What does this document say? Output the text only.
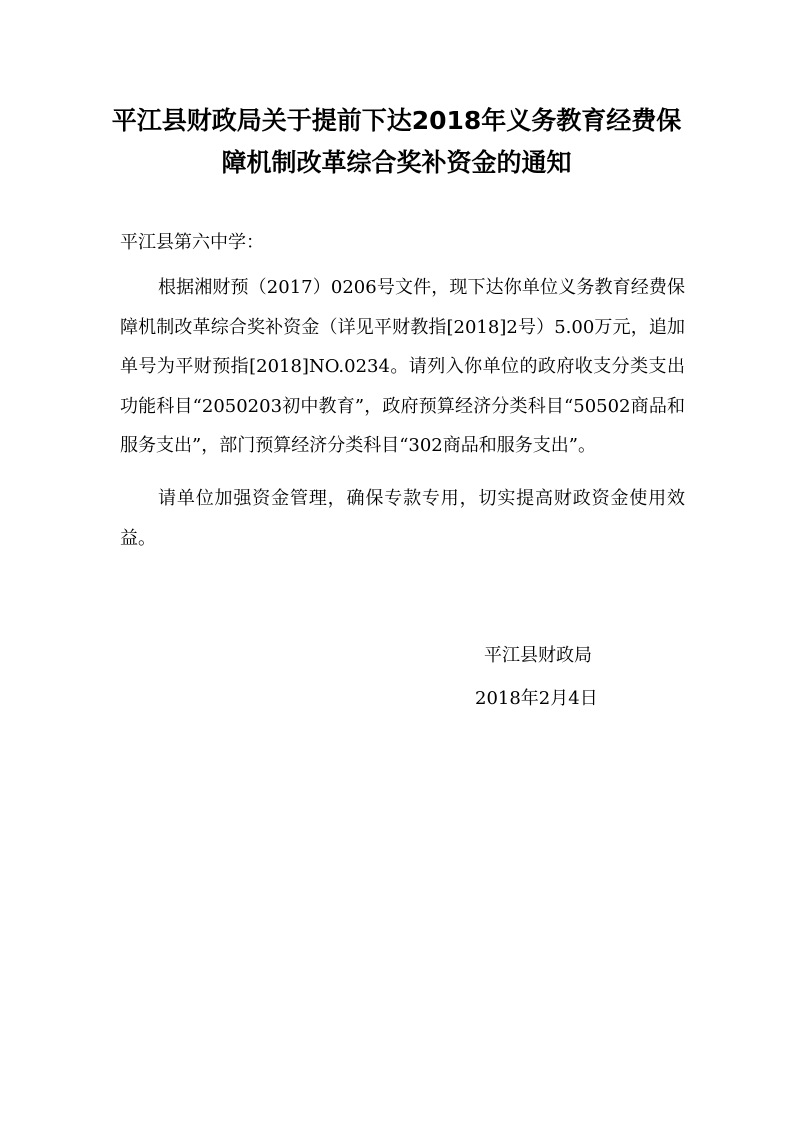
平江县财政局关于提前下达2018年义务教育经费保
障机制改革综合奖补资金的通知

平江县第六中学：

根据湘财预（2017）0206号文件，现下达你单位义务教育经费保障机制改革综合奖补资金（详见平财教指[2018]2号）5.00万元，追加单号为平财预指[2018]NO.0234。请列入你单位的政府收支分类支出功能科目“2050203初中教育”，政府预算经济分类科目“50502商品和服务支出”，部门预算经济分类科目“302商品和服务支出”。

请单位加强资金管理，确保专款专用，切实提高财政资金使用效益。

平江县财政局

2018年2月4日
